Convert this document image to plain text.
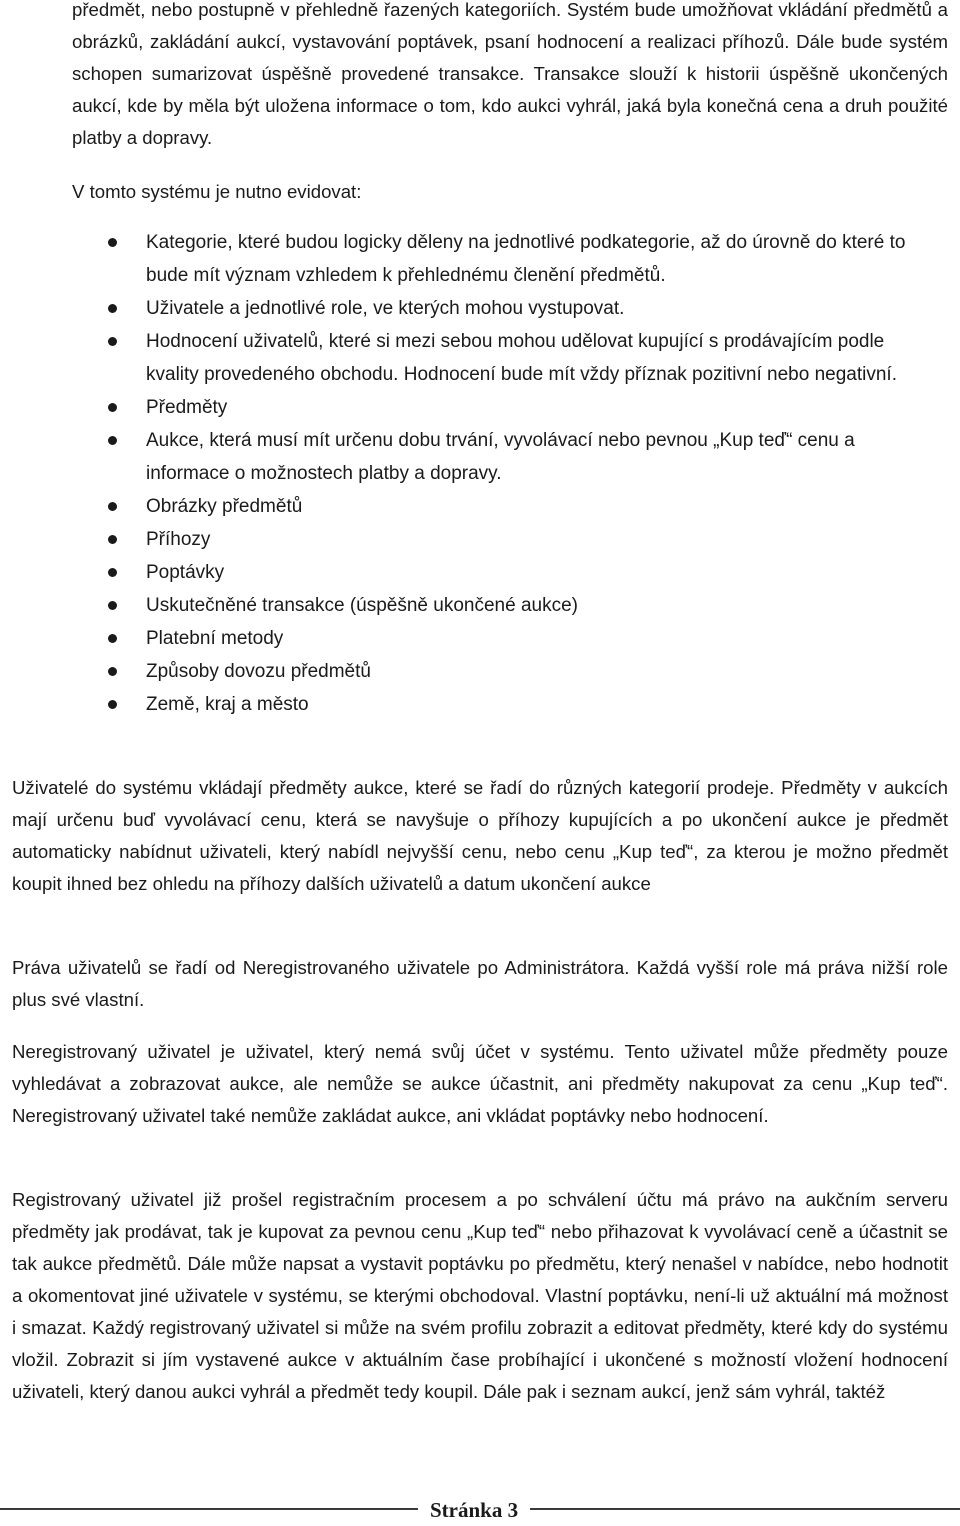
předmět, nebo postupně v přehledně řazených kategoriích. Systém bude umožňovat vkládání předmětů a obrázků, zakládání aukcí, vystavování poptávek, psaní hodnocení a realizaci příhozů. Dále bude systém schopen sumarizovat úspěšně provedené transakce. Transakce slouží k historii úspěšně ukončených aukcí, kde by měla být uložena informace o tom, kdo aukci vyhrál, jaká byla konečná cena a druh použité platby a dopravy.

V tomto systému je nutno evidovat:

Kategorie, které budou logicky děleny na jednotlivé podkategorie, až do úrovně do které to bude mít význam vzhledem k přehlednému členění předmětů.
Uživatele a jednotlivé role, ve kterých mohou vystupovat.
Hodnocení uživatelů, které si mezi sebou mohou udělovat kupující s prodávajícím podle kvality provedeného obchodu. Hodnocení bude mít vždy příznak pozitivní nebo negativní.
Předměty
Aukce, která musí mít určenu dobu trvání, vyvolávací nebo pevnou „Kup teď“ cenu a informace o možnostech platby a dopravy.
Obrázky předmětů
Příhozy
Poptávky
Uskutečněné transakce (úspěšně ukončené aukce)
Platební metody
Způsoby dovozu předmětů
Země, kraj a město

Uživatelé do systému vkládají předměty aukce, které se řadí do různých kategorií prodeje. Předměty v aukcích mají určenu buď vyvolávací cenu, která se navyšuje o příhozy kupujících a po ukončení aukce je předmět automaticky nabídnut uživateli, který nabídl nejvyšší cenu, nebo cenu „Kup teď“, za kterou je možno předmět koupit ihned bez ohledu na příhozy dalších uživatelů a datum ukončení aukce

Práva uživatelů se řadí od Neregistrovaného uživatele po Administrátora. Každá vyšší role má práva nižší role plus své vlastní.

Neregistrovaný uživatel je uživatel, který nemá svůj účet v systému. Tento uživatel může předměty pouze vyhledávat a zobrazovat aukce, ale nemůže se aukce účastnit, ani předměty nakupovat za cenu „Kup teď“. Neregistrovaný uživatel také nemůže zakládat aukce, ani vkládat poptávky nebo hodnocení.

Registrovaný uživatel již prošel registračním procesem a po schválení účtu má právo na aukčním serveru předměty jak prodávat, tak je kupovat za pevnou cenu „Kup teď“ nebo přihazovat k vyvolávací ceně a účastnit se tak aukce předmětů. Dále může napsat a vystavit poptávku po předmětu, který nenašel v nabídce, nebo hodnotit a okomentovat jiné uživatele v systému, se kterými obchodoval. Vlastní poptávku, není-li už aktuální má možnost i smazat. Každý registrovaný uživatel si může na svém profilu zobrazit a editovat předměty, které kdy do systému vložil. Zobrazit si jím vystavené aukce v aktuálním čase probíhající i ukončené s možností vložení hodnocení uživateli, který danou aukci vyhrál a předmět tedy koupil. Dále pak i seznam aukcí, jenž sám vyhrál, taktéž

Stránka 3
